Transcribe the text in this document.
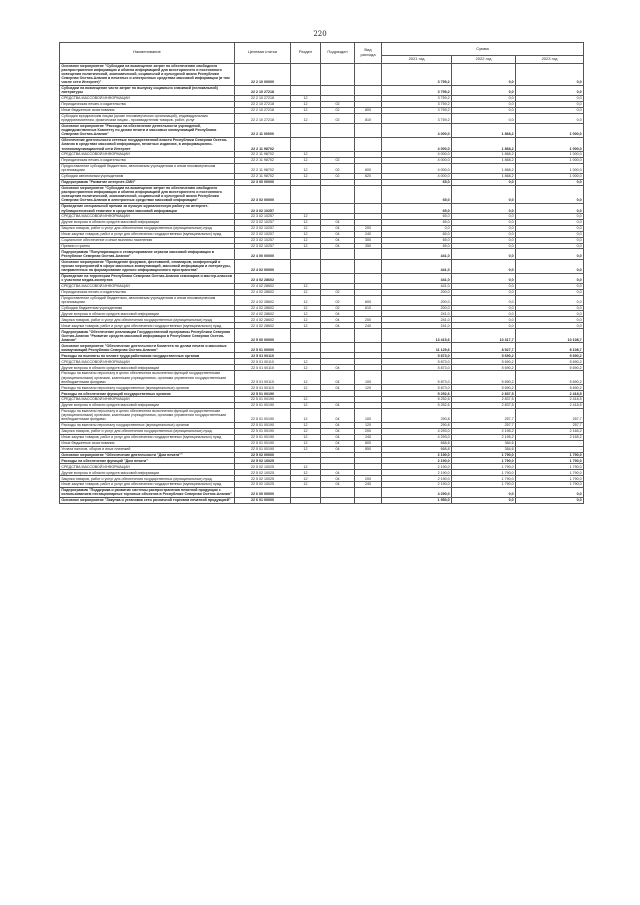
220
Наименование	Целевая статья	Раздел	Подраздел	Вид расхода	Сумма		
					2021 год	2022 год	2023 год
Основное мероприятие "Субсидии на возмещение затрат по обеспечению свободного распространения информации и обмена информацией для всестороннего и постоянного освещения политической, экономической, социальной и культурной жизни Республики Северная Осетия-Алания в печатных и электронных средствах массовой информации (в том числе сети Интернет)"	22 2 10 00000				3 759,2	0,0	0,0
Субсидии на возмещение части затрат по выпуску социально значимой (нелокальной) литературы	22 2 10 27218				3 759,2	0,0	0,0
СРЕДСТВА МАССОВОЙ ИНФОРМАЦИИ	22 2 10 27218	12			3 759,2	0,0	0,0
Периодическая печать и издательства	22 2 10 27218	12	02		3 759,2	0,0	0,0
Иные бюджетные ассигнования	22 2 10 27218	12	02	800	3 759,2	0,0	0,0
Субсидии юридическим лицам (кроме некоммерческих организаций), индивидуальным предпринимателям, физическим лицам - производителям товаров, работ, услуг	22 2 10 27218	12	02	810	3 759,2	0,0	0,0
Основное мероприятие "Расходы на обеспечение деятельности учреждений, подведомственных Комитету по делам печати и массовых коммуникаций Республики Северная Осетия-Алания"	22 2 11 00000				4 000,0	1 868,2	1 000,0
Обеспечение деятельности сетевых государственной власти Республики Северная Осетия-Алания в средствах массовой информации, печатных изданиях, в информационно-телекоммуникационной сети Интернет	22 2 11 98702				4 000,0	1 868,2	1 000,0
СРЕДСТВА МАССОВОЙ ИНФОРМАЦИИ	22 2 11 98702	12			4 000,0	1 868,2	1 000,0
Периодическая печать и издательства	22 2 11 98702	12	02		4 000,0	1 868,2	1 000,0
Предоставление субсидий бюджетным, автономным учреждениям и иным некоммерческим организациям	22 2 11 98702	12	02	600	4 000,0	1 868,2	1 000,0
Субсидии автономным учреждениям	22 2 11 98702	12	02	620	4 000,0	1 868,2	1 000,0
Подпрограмма "Развитие интернет-СМИ"	22 3 00 00000				65,0	0,0	0,0
Основное мероприятие "Субсидии на возмещение затрат по обеспечению свободного распространения информации и обмена информацией для всестороннего и постоянного освещения политической, экономической, социальной и культурной жизни Республики Северная Осетия-Алания в электронных средствах массовой информации"	22 3 02 00000				65,0	0,0	0,0
Проведение специальной премии за лучшую журналистскую работу по интернет-публицистической тематике в средствах массовой информации	22 3 02 10257				65,0	0,0	0,0
СРЕДСТВА МАССОВОЙ ИНФОРМАЦИИ	22 3 02 10257	12			65,0	0,0	0,0
Другие вопросы в области средств массовой информации	22 3 02 10257	12	04		65,0	0,0	0,0
Закупка товаров, работ и услуг для обеспечения государственных (муниципальных) нужд	22 3 02 10257	12	04	200	0,0	0,0	0,0
Иные закупки товаров, работ и услуг для обеспечения государственных (муниципальных) нужд	22 3 02 10257	12	04	240	65,0	0,0	0,0
Социальное обеспечение и иные выплаты населению	22 3 02 10257	12	04	300	65,0	0,0	0,0
Премии и гранты	22 3 02 10257	12	04	350	65,0	0,0	0,0
Подпрограмма "Популяризация и стимулирование отрасли массовой информации в Республике Северная Осетия-Алания"	22 4 00 00000				441,0	0,0	0,0
Основное мероприятие "Проведение форумов, фестивалей, семинаров, конференций и прочих мероприятий в сфере массовых коммуникаций, массовой информации и литературы, направленных на формирование единого информационного пространства"	22 4 02 00000				441,0	0,0	0,0
Проведение на территории Республики Северная Осетия-Алания семинаров и мастер-классов с участием медиа-экспертов	22 4 02 28602				441,0	0,0	0,0
СРЕДСТВА МАССОВОЙ ИНФОРМАЦИИ	22 4 02 28602	12			441,0	0,0	0,0
Периодическая печать и издательства	22 4 02 28602	12	02		200,0	0,0	0,0
Предоставление субсидий бюджетным, автономным учреждениям и иным некоммерческим организациям	22 4 02 28602	12	02	600	200,0	0,0	0,0
Субсидии бюджетным учреждениям	22 4 02 28602	12	02	610	200,0	0,0	0,0
Другие вопросы в области средств массовой информации	22 4 02 28602	12	04		241,0	0,0	0,0
Закупка товаров, работ и услуг для обеспечения государственных (муниципальных) нужд	22 4 02 28602	12	04	200	241,0	0,0	0,0
Иные закупки товаров, работ и услуг для обеспечения государственных (муниципальных) нужд	22 4 02 28602	12	04	240	241,0	0,0	0,0
Подпрограмма "Обеспечение реализации Государственной программы Республики Северная Осетия-Алания "Развитие средств массовой информации в Республике Северная Осетия-Алания"	22 5 00 00000				13 415,6	10 317,7	10 108,7
Основное мероприятие "Обеспечение деятельности Комитета по делам печати и массовых коммуникаций Республики Северная Осетия-Алания"	22 5 01 00000				11 125,6	8 527,7	8 108,7
Расходы на выплаты по оплате труда работников государственных органов	22 5 01 00110				5 873,0	5 690,2	5 690,2
СРЕДСТВА МАССОВОЙ ИНФОРМАЦИИ	22 5 01 00110	12			5 873,0	5 690,2	5 690,2
Другие вопросы в области средств массовой информации	22 5 01 00110	12	04		5 873,0	5 690,2	5 690,2
Расходы на выплаты персоналу в целях обеспечения выполнения функций государственными (муниципальными) органами, казенными учреждениями, органами управления государственными внебюджетными фондами	22 5 01 00110	12	04	100	5 873,0	5 690,2	5 690,2
Расходы на выплаты персоналу государственных (муниципальных) органов	22 5 01 00110	12	04	120	5 873,0	5 690,2	5 690,2
Расходы на обеспечение функций государственных органов	22 5 01 00190				5 252,6	2 837,5	2 418,5
СРЕДСТВА МАССОВОЙ ИНФОРМАЦИИ	22 5 01 00190	12			5 252,6	2 837,5	2 418,5
Другие вопросы в области средств массовой информации	22 5 01 00190	12	04		5 252,6	2 837,5	2 418,5
Расходы на выплаты персоналу в целях обеспечения выполнения функций государственными (муниципальными) органами, казенными учреждениями, органами управления государственными внебюджетными фондами	22 5 01 00190	12	04	100	290,8	257,7	257,7
Расходы на выплаты персоналу государственных (муниципальных) органов	22 5 01 00190	12	04	120	290,8	257,7	257,7
Закупка товаров, работ и услуг для обеспечения государственных (муниципальных) нужд	22 5 01 00190	12	04	200	4 293,0	2 195,2	2 165,2
Иные закупки товаров, работ и услуг для обеспечения государственных (муниципальных) нужд	22 5 01 00190	12	04	240	4 293,0	2 195,2	2 165,2
Иные бюджетные ассигнования	22 5 01 00190	12	04	800	668,8	384,6	-
Уплата налогов, сборов и иных платежей	22 5 01 00190	12	04	850	668,8	384,6	-
Основное мероприятие "Обеспечение деятельности "Дом печати""	22 5 02 00000				2 190,0	1 790,0	1 790,0
Расходы на обеспечение функций "Дом печати"	22 5 02 10025				2 190,0	1 790,0	1 790,0
СРЕДСТВА МАССОВОЙ ИНФОРМАЦИИ	22 5 02 10025	12			2 190,0	1 790,0	1 790,0
Другие вопросы в области средств массовой информации	22 5 02 10025	12	04		2 190,0	1 790,0	1 790,0
Закупка товаров, работ и услуг для обеспечения государственных (муниципальных) нужд	22 5 02 10025	12	04	200	2 190,0	1 790,0	1 790,0
Иные закупки товаров, работ и услуг для обеспечения государственных (муниципальных) нужд	22 5 02 10025	12	04	240	2 190,0	1 790,0	1 790,0
Подпрограмма "Поддержка и развитие системы распространения печатной продукции с использованием нестационарных торговых объектов в Республике Северная Осетия-Алания"	22 6 00 00000				4 290,0	0,0	0,0
Основное мероприятие "Закупка и установка сети розничной торговли печатной продукцией"	22 6 01 00000				1 950,0	0,0	0,0
